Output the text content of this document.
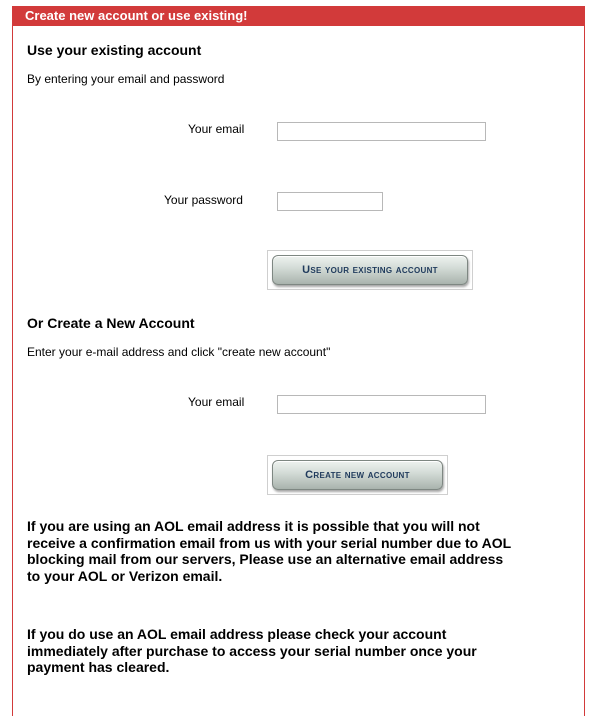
Create new account or use existing!
Use your existing account
By entering your email and password
Your email
Your password
Use your existing account
Or Create a New Account
Enter your e-mail address and click "create new account"
Your email
Create new account
If you are using an AOL email address it is possible that you will not receive a confirmation email from us with your serial number due to AOL blocking mail from our servers, Please use an alternative email address to your AOL or Verizon email.
If you do use an AOL email address please check your account immediately after purchase to access your serial number once your payment has cleared.
